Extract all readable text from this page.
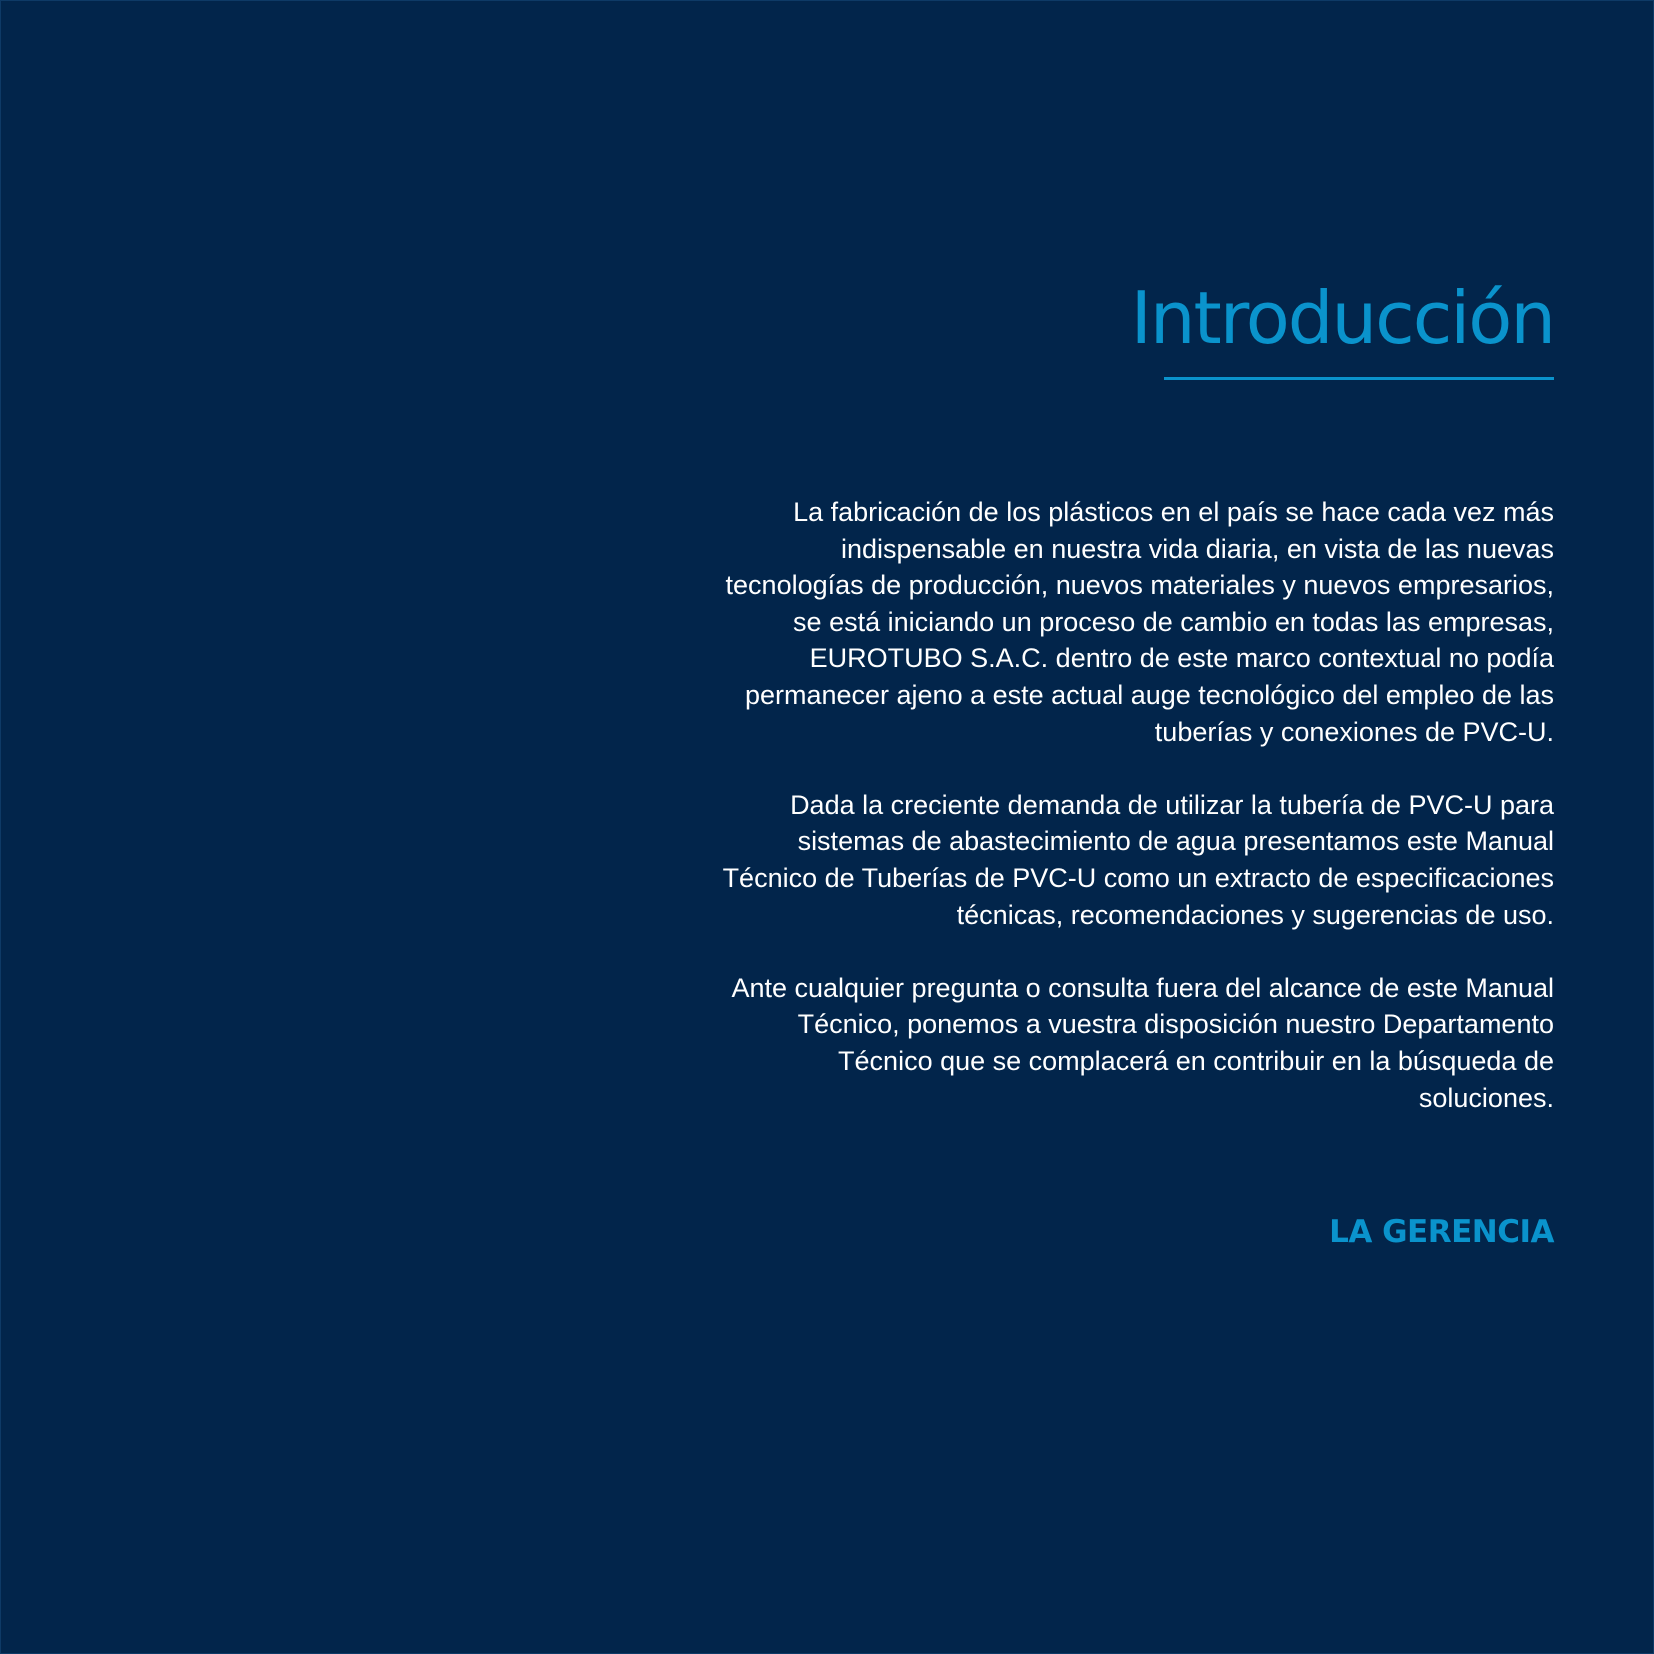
Introducción

La fabricación de los plásticos en el país se hace cada vez más
indispensable en nuestra vida diaria, en vista de las nuevas
tecnologías de producción, nuevos materiales y nuevos empresarios,
se está iniciando un proceso de cambio en todas las empresas,
EUROTUBO S.A.C. dentro de este marco contextual no podía
permanecer ajeno a este actual auge tecnológico del empleo de las
tuberías y conexiones de PVC-U.

Dada la creciente demanda de utilizar la tubería de PVC-U para
sistemas de abastecimiento de agua presentamos este Manual
Técnico de Tuberías de PVC-U como un extracto de especificaciones
técnicas, recomendaciones y sugerencias de uso.

Ante cualquier pregunta o consulta fuera del alcance de este Manual
Técnico, ponemos a vuestra disposición nuestro Departamento
Técnico que se complacerá en contribuir en la búsqueda de
soluciones.

LA GERENCIA
